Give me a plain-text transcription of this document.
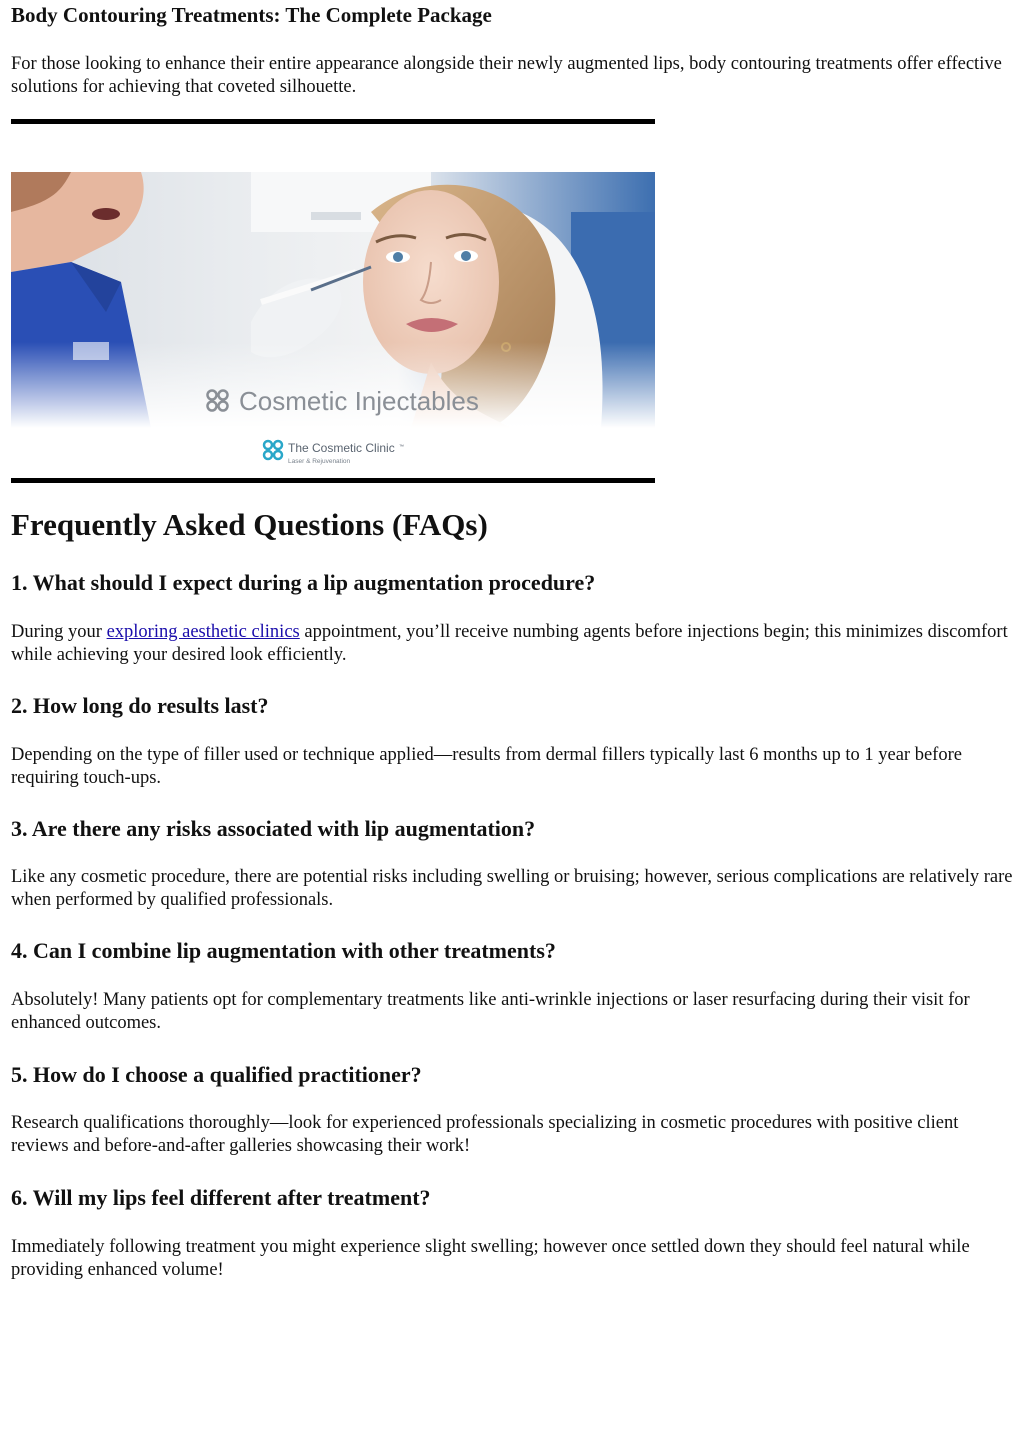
Body Contouring Treatments: The Complete Package

For those looking to enhance their entire appearance alongside their newly augmented lips, body contouring treatments offer effective solutions for achieving that coveted silhouette.

Cosmetic Injectables
The Cosmetic Clinic ™
Laser & Rejuvenation
Frequently Asked Questions (FAQs)
1. What should I expect during a lip augmentation procedure?

During your exploring aesthetic clinics appointment, you’ll receive numbing agents before injections begin; this minimizes discomfort while achieving your desired look efficiently.

2. How long do results last?

Depending on the type of filler used or technique applied—results from dermal fillers typically last 6 months up to 1 year before requiring touch-ups.

3. Are there any risks associated with lip augmentation?

Like any cosmetic procedure, there are potential risks including swelling or bruising; however, serious complications are relatively rare when performed by qualified professionals.

4. Can I combine lip augmentation with other treatments?

Absolutely! Many patients opt for complementary treatments like anti-wrinkle injections or laser resurfacing during their visit for enhanced outcomes.

5. How do I choose a qualified practitioner?

Research qualifications thoroughly—look for experienced professionals specializing in cosmetic procedures with positive client reviews and before-and-after galleries showcasing their work!

6. Will my lips feel different after treatment?

Immediately following treatment you might experience slight swelling; however once settled down they should feel natural while providing enhanced volume!
